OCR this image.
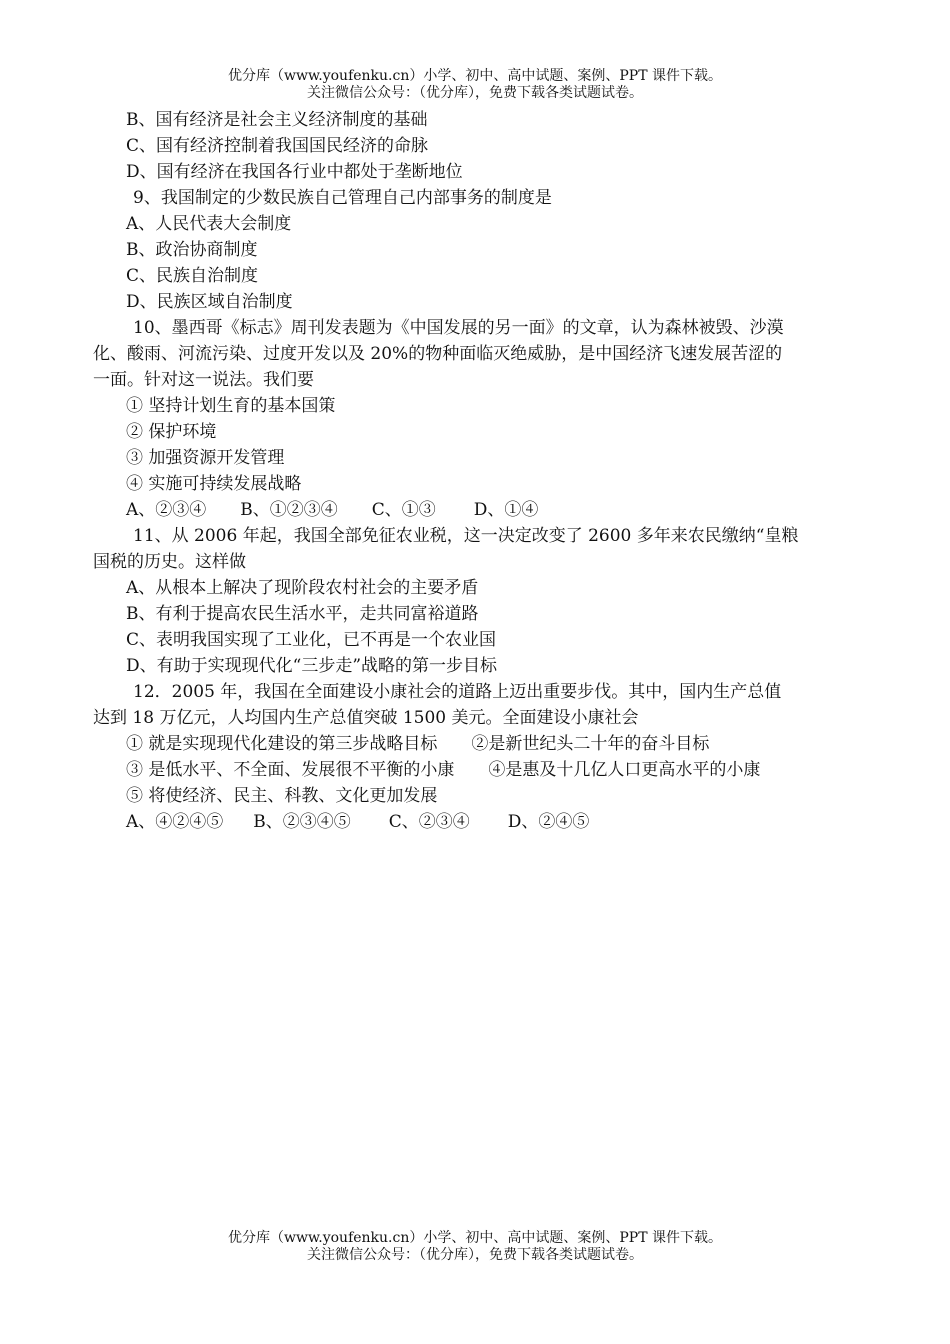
优分库（www.youfenku.cn）小学、初中、高中试题、案例、PPT 课件下载。
关注微信公众号：（优分库），免费下载各类试题试卷。
B、国有经济是社会主义经济制度的基础
C、国有经济控制着我国国民经济的命脉
D、国有经济在我国各行业中都处于垄断地位
9、我国制定的少数民族自己管理自己内部事务的制度是
A、人民代表大会制度
B、政治协商制度
C、民族自治制度
D、民族区域自治制度
10、墨西哥《标志》周刊发表题为《中国发展的另一面》的文章，认为森林被毁、沙漠
化、酸雨、河流污染、过度开发以及 20%的物种面临灭绝威胁，是中国经济飞速发展苦涩的
一面。针对这一说法。我们要
① 坚持计划生育的基本国策
② 保护环境
③ 加强资源开发管理
④ 实施可持续发展战略
A、②③④ B、①②③④ C、①③ D、①④
11、从 2006 年起，我国全部免征农业税，这一决定改变了 2600 多年来农民缴纳“皇粮
国税的历史。这样做
A、从根本上解决了现阶段农村社会的主要矛盾
B、有利于提高农民生活水平，走共同富裕道路
C、表明我国实现了工业化，已不再是一个农业国
D、有助于实现现代化“三步走”战略的第一步目标
12．2005 年，我国在全面建设小康社会的道路上迈出重要步伐。其中，国内生产总值
达到 18 万亿元，人均国内生产总值突破 1500 美元。全面建设小康社会
① 就是实现现代化建设的第三步战略目标　　②是新世纪头二十年的奋斗目标
③ 是低水平、不全面、发展很不平衡的小康　　④是惠及十几亿人口更高水平的小康
⑤ 将使经济、民主、科教、文化更加发展
A、④②④⑤ B、②③④⑤ C、②③④ D、②④⑤
优分库（www.youfenku.cn）小学、初中、高中试题、案例、PPT 课件下载。
关注微信公众号：（优分库），免费下载各类试题试卷。
